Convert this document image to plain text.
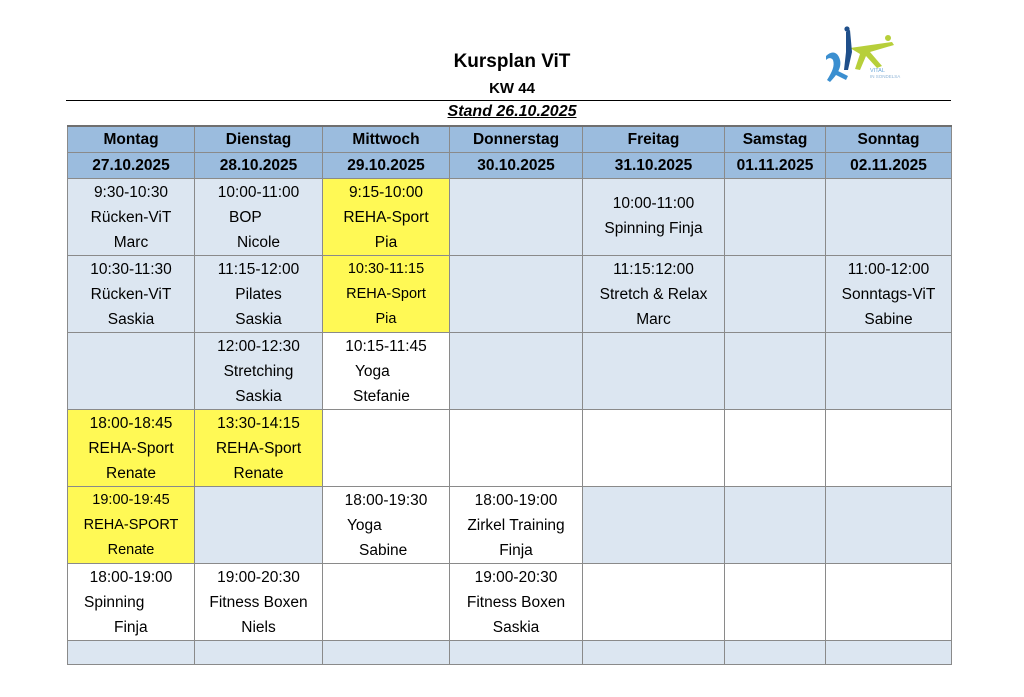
Kursplan ViT
KW 44
Stand 26.10.2025
VITAL
IN SONDELSA
Montag	Dienstag	Mittwoch	Donnerstag	Freitag	Samstag	Sonntag
27.10.2025	28.10.2025	29.10.2025	30.10.2025	31.10.2025	01.11.2025	02.11.2025

9:30-10:30
Rücken-ViT
Marc	10:00-11:00
BOP
Nicole	9:15-10:00
REHA-Sport
Pia		10:00-11:00
Spinning Finja		

10:30-11:30
Rücken-ViT
Saskia	11:15-12:00
Pilates
Saskia	10:30-11:15
REHA-Sport
Pia		11:15:12:00
Stretch & Relax
Marc		11:00-12:00
Sonntags-ViT
Sabine

	12:00-12:30
Stretching
Saskia	10:15-11:45
Yoga
Stefanie				

18:00-18:45
REHA-Sport
Renate	13:30-14:15
REHA-Sport
Renate					

19:00-19:45
REHA-SPORT
Renate		18:00-19:30
Yoga
Sabine	18:00-19:00
Zirkel Training
Finja			

18:00-19:00
Spinning
Finja	19:00-20:30
Fitness Boxen
Niels		19:00-20:30
Fitness Boxen
Saskia			
